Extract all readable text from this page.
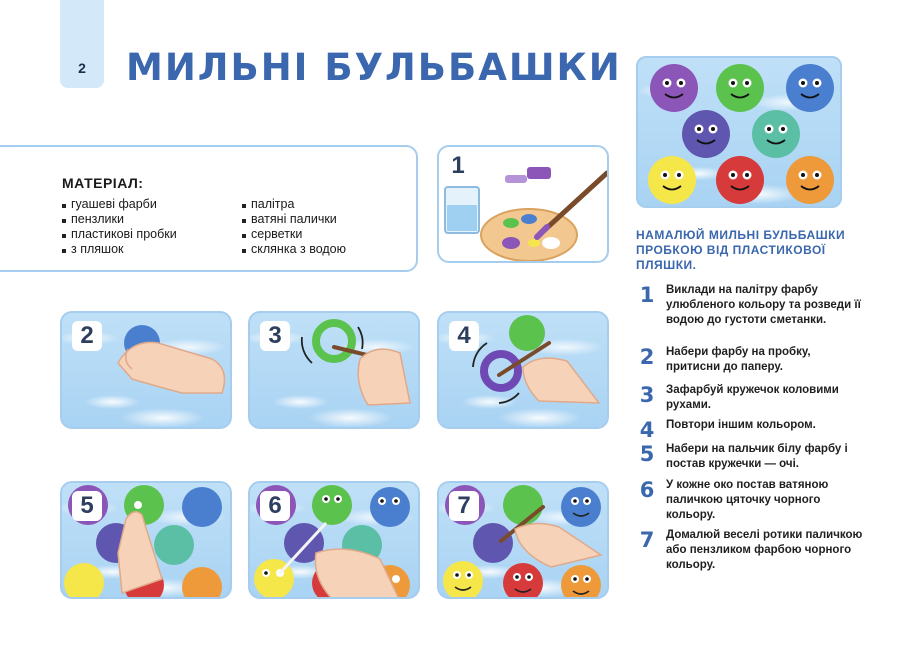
2	МИЛЬНІ БУЛЬБАШКИ
МАТЕРІАЛ:
гуашеві фарби
пензлики
пластикові пробки
з пляшок
палітра
ватяні палички
серветки
склянка з водою
1
2	3	4
5	6	7
НАМАЛЮЙ МИЛЬНІ БУЛЬБАШКИ ПРОБКОЮ ВІД ПЛАСТИКОВОЇ ПЛЯШКИ.
1	Виклади на палітру фарбу улюбленого кольору та розведи її водою до густоти сметанки.
2	Набери фарбу на пробку, притисни до паперу.
3	Зафарбуй кружечок коловими рухами.
4	Повтори іншим кольором.
5	Набери на пальчик білу фарбу і постав кружечки — очі.
6	У кожне око постав ватяною паличкою цяточку чорного кольору.
7	Домалюй веселі ротики паличкою або пензликом фарбою чорного кольору.
